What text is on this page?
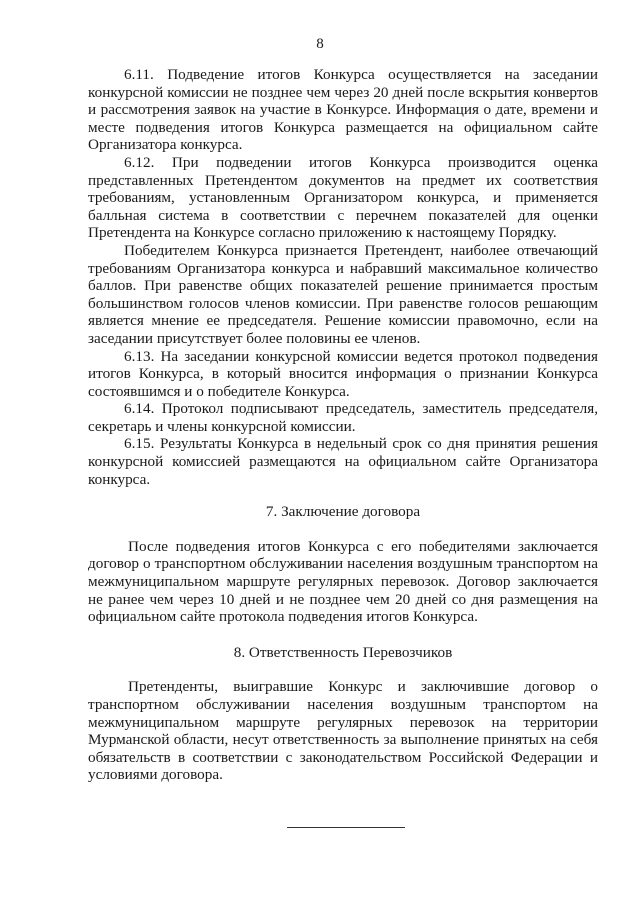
8

6.11. Подведение итогов Конкурса осуществляется на заседании конкурсной комиссии не позднее чем через 20 дней после вскрытия конвертов и рассмотрения заявок на участие в Конкурсе. Информация о дате, времени и месте подведения итогов Конкурса размещается на официальном сайте Организатора конкурса.

6.12. При подведении итогов Конкурса производится оценка представленных Претендентом документов на предмет их соответствия требованиям, установленным Организатором конкурса, и применяется балльная система в соответствии с перечнем показателей для оценки Претендента на Конкурсе согласно приложению к настоящему Порядку.

Победителем Конкурса признается Претендент, наиболее отвечающий требованиям Организатора конкурса и набравший максимальное количество баллов. При равенстве общих показателей решение принимается простым большинством голосов членов комиссии. При равенстве голосов решающим является мнение ее председателя. Решение комиссии правомочно, если на заседании присутствует более половины ее членов.

6.13. На заседании конкурсной комиссии ведется протокол подведения итогов Конкурса, в который вносится информация о признании Конкурса состоявшимся и о победителе Конкурса.

6.14. Протокол подписывают председатель, заместитель председателя, секретарь и члены конкурсной комиссии.

6.15. Результаты Конкурса в недельный срок со дня принятия решения конкурсной комиссией размещаются на официальном сайте Организатора конкурса.

7. Заключение договора

После подведения итогов Конкурса с его победителями заключается договор о транспортном обслуживании населения воздушным транспортом на межмуниципальном маршруте регулярных перевозок. Договор заключается не ранее чем через 10 дней и не позднее чем 20 дней со дня размещения на официальном сайте протокола подведения итогов Конкурса.

8. Ответственность Перевозчиков

Претенденты, выигравшие Конкурс и заключившие договор о транспортном обслуживании населения воздушным транспортом на межмуниципальном маршруте регулярных перевозок на территории Мурманской области, несут ответственность за выполнение принятых на себя обязательств в соответствии с законодательством Российской Федерации и условиями договора.
